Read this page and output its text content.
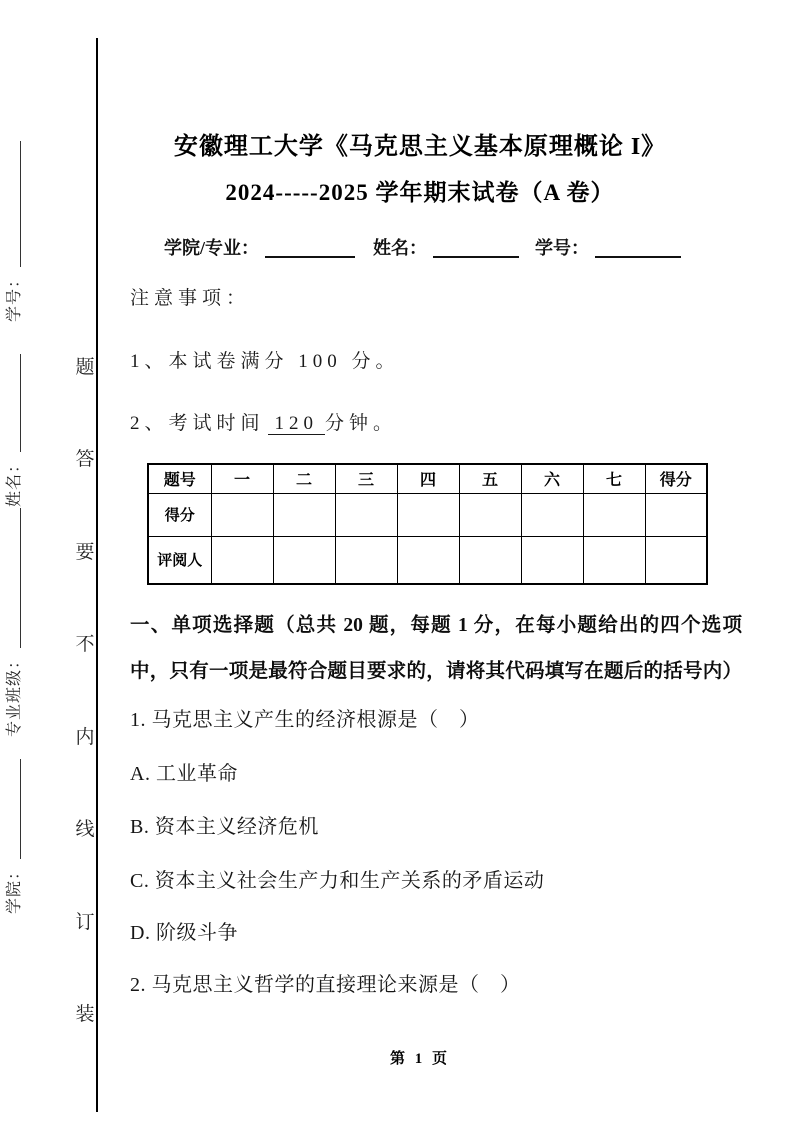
题
答
要
不
内
线
订
装
学号：
姓名：
专业班级：
学院：
安徽理工大学《马克思主义基本原理概论 I》
2024-----2025 学年期末试卷（A 卷）
学院/专业：	姓名：	学号：
注意事项：
1、本试卷满分 100 分。
2、考试时间 120 分钟。
题号	一	二	三	四	五	六	七	得分
得分								
评阅人								
一、单项选择题（总共 20 题，每题 1 分，在每小题给出的四个选项
中，只有一项是最符合题目要求的，请将其代码填写在题后的括号内）
1. 马克思主义产生的经济根源是（　）
A. 工业革命
B. 资本主义经济危机
C. 资本主义社会生产力和生产关系的矛盾运动
D. 阶级斗争
2. 马克思主义哲学的直接理论来源是（　）
第 1 页
